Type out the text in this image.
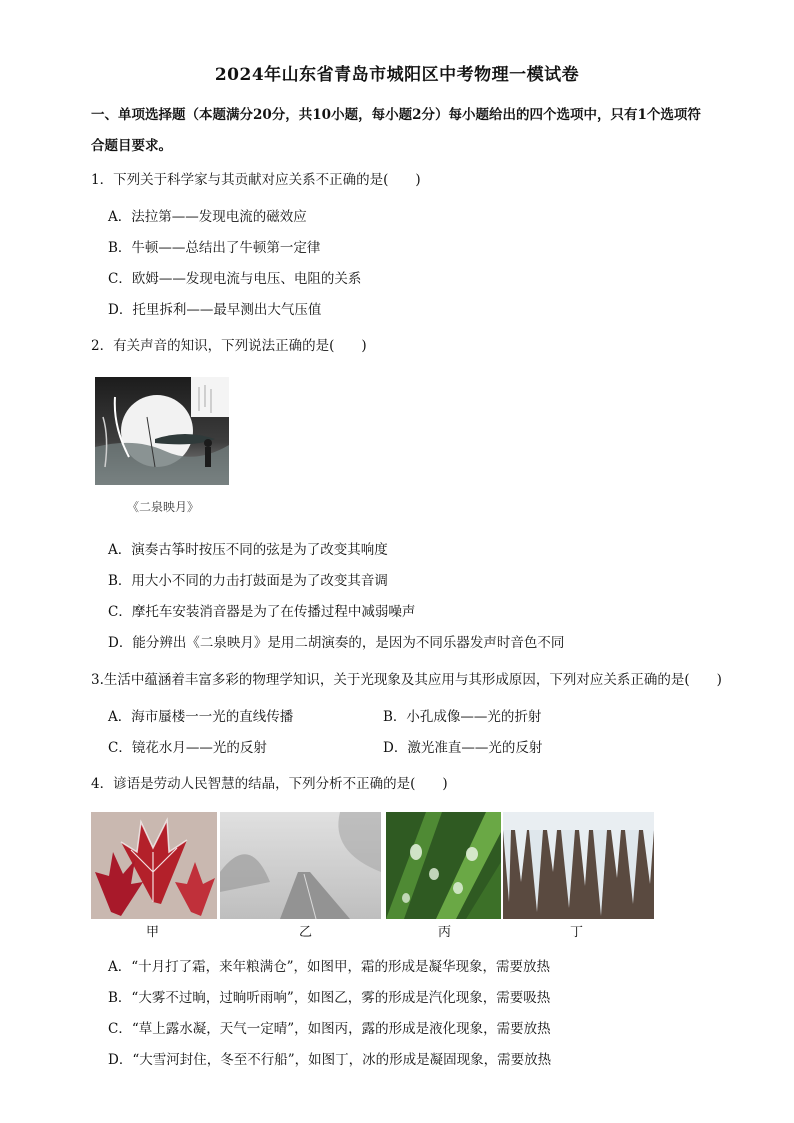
2024年山东省青岛市城阳区中考物理一模试卷
一、单项选择题（本题满分20分，共10小题，每小题2分）每小题给出的四个选项中，只有1个选项符合题目要求。
1．下列关于科学家与其贡献对应关系不正确的是(　　)
A．法拉第——发现电流的磁效应
B．牛顿——总结出了牛顿第一定律
C．欧姆——发现电流与电压、电阻的关系
D．托里拆利——最早测出大气压值
2．有关声音的知识，下列说法正确的是(　　)
《二泉映月》
A．演奏古筝时按压不同的弦是为了改变其响度
B．用大小不同的力击打鼓面是为了改变其音调
C．摩托车安装消音器是为了在传播过程中减弱噪声
D．能分辨出《二泉映月》是用二胡演奏的，是因为不同乐器发声时音色不同
3.生活中蕴涵着丰富多彩的物理学知识，关于光现象及其应用与其形成原因，下列对应关系正确的是(　　)
A．海市蜃楼一一光的直线传播	B．小孔成像——光的折射
C．镜花水月——光的反射	D．激光准直——光的反射
4．谚语是劳动人民智慧的结晶，下列分析不正确的是(　　)
甲	乙	丙	丁
A．“十月打了霜，来年粮满仓”，如图甲，霜的形成是凝华现象，需要放热
B．“大雾不过晌，过晌听雨响”，如图乙，雾的形成是汽化现象，需要吸热
C．“草上露水凝，天气一定晴”，如图丙，露的形成是液化现象，需要放热
D．“大雪河封住，冬至不行船”，如图丁，冰的形成是凝固现象，需要放热
